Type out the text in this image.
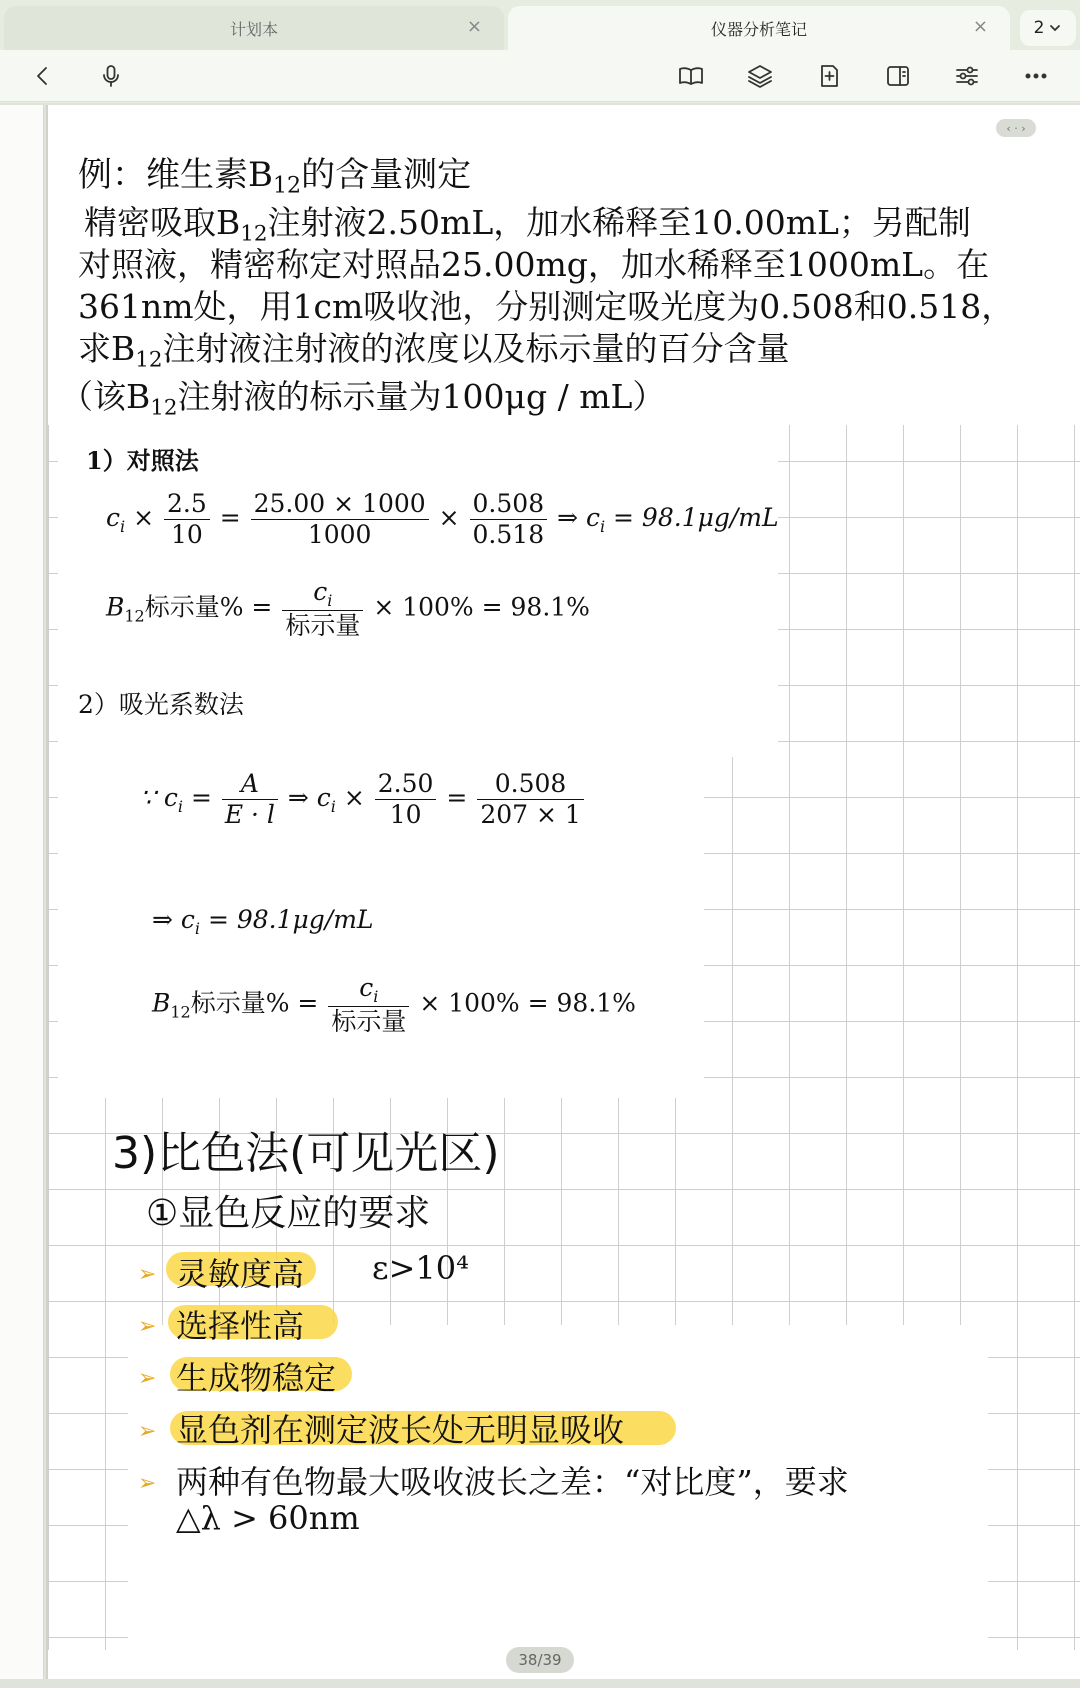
计划本	×	仪器分析笔记	×	2
例：维生素$B_{12}$的含量测定
精密吸取$B_{12}$注射液2.50mL，加水稀释至10.00mL；另配制
对照液，精密称定对照品25.00mg，加水稀释至1000mL。在
361nm处，用1cm吸收池，分别测定吸光度为0.508和0.518，
求$B_{12}$注射液注射液的浓度以及标示量的百分含量
（该$B_{12}$注射液的标示量为100μg / mL）
1）对照法
$c_i \times \frac{2.5}{10} = \frac{25.00 \times 1000}{1000} \times \frac{0.508}{0.518}$ ⇒ $c_i = 98.1\mu g/mL$
$B_{12}$标示量% = $\frac{c_i}{\text{标示量}} \times 100\% = 98.1\%$
2）吸光系数法
∵ $c_i = \frac{A}{E \cdot l}$ ⇒ $c_i \times \frac{2.50}{10} = \frac{0.508}{207 \times 1}$
⇒ $c_i = 98.1\mu g/mL$
$B_{12}$标示量% = $\frac{c_i}{\text{标示量}} \times 100\% = 98.1\%$
3)比色法(可见光区)
①显色反应的要求
➢ 灵敏度高 ε>10⁴
➢ 选择性高
➢ 生成物稳定
➢ 显色剂在测定波长处无明显吸收
➢ 两种有色物最大吸收波长之差：“对比度”，要求
△λ > 60nm
‹ · ›
38/39
